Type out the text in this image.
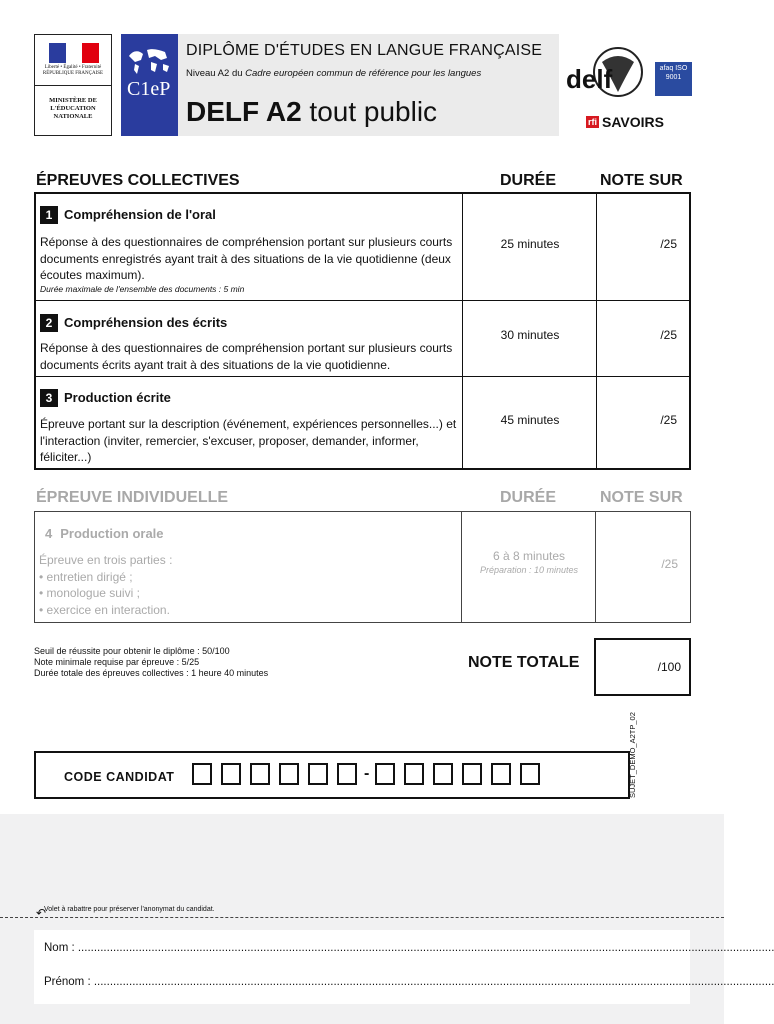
Liberté • Égalité • Fraternité RÉPUBLIQUE FRANÇAISE
MINISTÈRE DE L'ÉDUCATION NATIONALE
C1eP
DIPLÔME D'ÉTUDES EN LANGUE FRANÇAISE
Niveau A2 du Cadre européen commun de référence pour les langues
DELF A2 tout public
delf	afaq ISO 9001
rfi SAVOIRS
ÉPREUVES COLLECTIVES	DURÉE	NOTE SUR
1 Compréhension de l'oral
Réponse à des questionnaires de compréhension portant sur plusieurs courts documents enregistrés ayant trait à des situations de la vie quotidienne (deux écoutes maximum).
Durée maximale de l'ensemble des documents : 5 min
25 minutes	/25
2 Compréhension des écrits
Réponse à des questionnaires de compréhension portant sur plusieurs courts documents écrits ayant trait à des situations de la vie quotidienne.
30 minutes	/25
3 Production écrite
Épreuve portant sur la description (événement, expériences personnelles...) et l'interaction (inviter, remercier, s'excuser, proposer, demander, informer, féliciter...)
45 minutes	/25
ÉPREUVE INDIVIDUELLE	DURÉE	NOTE SUR
4 Production orale
Épreuve en trois parties :
• entretien dirigé ;
• monologue suivi ;
• exercice en interaction.
6 à 8 minutes
Préparation : 10 minutes	/25
Seuil de réussite pour obtenir le diplôme : 50/100
Note minimale requise par épreuve : 5/25
Durée totale des épreuves collectives : 1 heure 40 minutes
NOTE TOTALE	/100
CODE CANDIDAT	-	SUJET_DÉMO_A2TP_02
↶
Volet à rabattre pour préserver l'anonymat du candidat.
Nom : ..........................................................................................................................................................................................................................
Prénom : .....................................................................................................................................................................................................................
